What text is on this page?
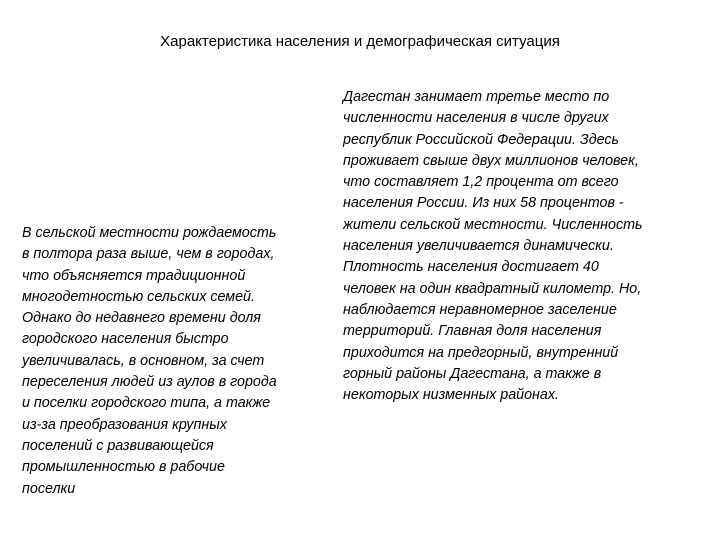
Характеристика населения и демографическая ситуация
В сельской местности рождаемость
в полтора раза выше, чем в городах,
что объясняется традиционной
многодетностью сельских семей.
Однако до недавнего времени доля
городского населения быстро
увеличивалась, в основном, за счет
переселения людей из аулов в города
и поселки городского типа, а также
из-за преобразования крупных
поселений с развивающейся
промышленностью в рабочие
поселки
Дагестан занимает третье место по
численности населения в числе других
республик Российской Федерации. Здесь
проживает свыше двух миллионов человек,
что составляет 1,2 процента от всего
населения России. Из них 58 процентов -
жители сельской местности. Численность
населения увеличивается динамически.
Плотность населения достигает 40
человек на один квадратный километр. Но,
наблюдается неравномерное заселение
территорий. Главная доля населения
приходится на предгорный, внутренний
горный районы Дагестана, а также в
некоторых низменных районах.
